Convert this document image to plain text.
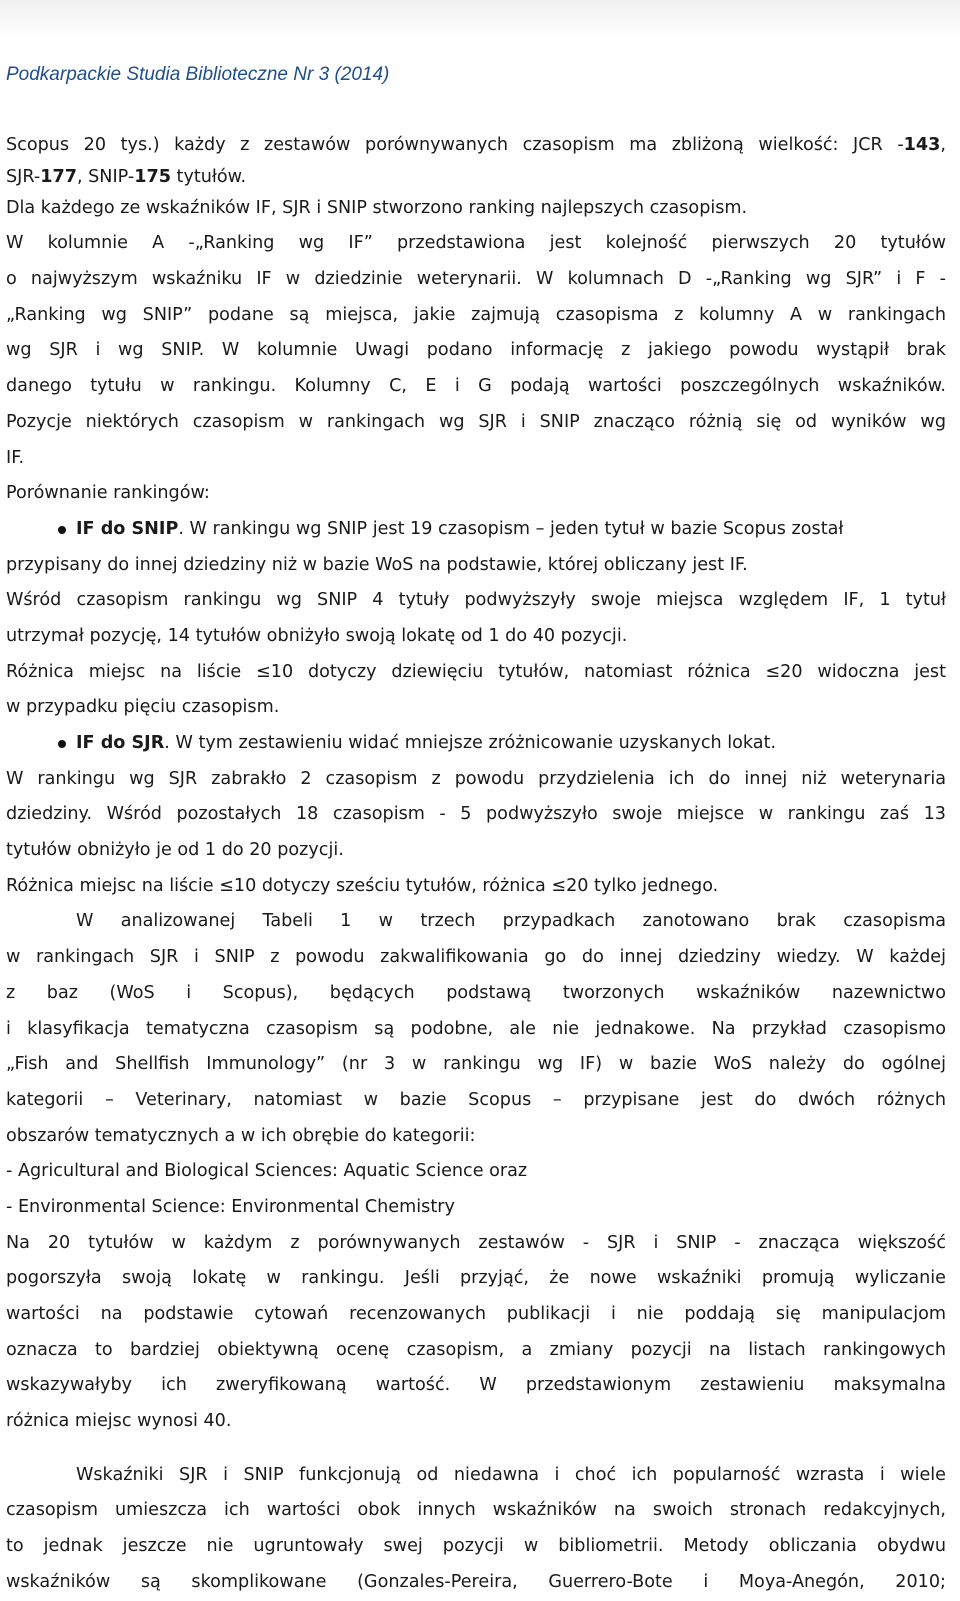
Podkarpackie Studia Biblioteczne Nr 3 (2014)
Scopus 20 tys.) każdy z zestawów porównywanych czasopism ma zbliżoną wielkość: JCR -143,
SJR-177, SNIP-175 tytułów.
Dla każdego ze wskaźników IF, SJR i SNIP stworzono ranking najlepszych czasopism.
W kolumnie A -„Ranking wg IF” przedstawiona jest kolejność pierwszych 20 tytułów
o najwyższym wskaźniku IF w dziedzinie weterynarii. W kolumnach D -„Ranking wg SJR” i F -
„Ranking wg SNIP” podane są miejsca, jakie zajmują czasopisma z kolumny A w rankingach
wg SJR i wg SNIP. W kolumnie Uwagi podano informację z jakiego powodu wystąpił brak
danego tytułu w rankingu. Kolumny C, E i G podają wartości poszczególnych wskaźników.
Pozycje niektórych czasopism w rankingach wg SJR i SNIP znacząco różnią się od wyników wg
IF.
Porównanie rankingów:
IF do SNIP. W rankingu wg SNIP jest 19 czasopism – jeden tytuł w bazie Scopus został
przypisany do innej dziedziny niż w bazie WoS na podstawie, której obliczany jest IF.
Wśród czasopism rankingu wg SNIP 4 tytuły podwyższyły swoje miejsca względem IF, 1 tytuł
utrzymał pozycję, 14 tytułów obniżyło swoją lokatę od 1 do 40 pozycji.
Różnica miejsc na liście ≤10 dotyczy dziewięciu tytułów, natomiast różnica ≤20 widoczna jest
w przypadku pięciu czasopism.
IF do SJR. W tym zestawieniu widać mniejsze zróżnicowanie uzyskanych lokat.
W rankingu wg SJR zabrakło 2 czasopism z powodu przydzielenia ich do innej niż weterynaria
dziedziny. Wśród pozostałych 18 czasopism - 5 podwyższyło swoje miejsce w rankingu zaś 13
tytułów obniżyło je od 1 do 20 pozycji.
Różnica miejsc na liście ≤10 dotyczy sześciu tytułów, różnica ≤20 tylko jednego.
W analizowanej Tabeli 1 w trzech przypadkach zanotowano brak czasopisma
w rankingach SJR i SNIP z powodu zakwalifikowania go do innej dziedziny wiedzy. W każdej
z baz (WoS i Scopus), będących podstawą tworzonych wskaźników nazewnictwo
i klasyfikacja tematyczna czasopism są podobne, ale nie jednakowe. Na przykład czasopismo
„Fish and Shellfish Immunology” (nr 3 w rankingu wg IF) w bazie WoS należy do ogólnej
kategorii – Veterinary, natomiast w bazie Scopus – przypisane jest do dwóch różnych
obszarów tematycznych a w ich obrębie do kategorii:
- Agricultural and Biological Sciences: Aquatic Science oraz
- Environmental Science: Environmental Chemistry
Na 20 tytułów w każdym z porównywanych zestawów - SJR i SNIP - znacząca większość
pogorszyła swoją lokatę w rankingu. Jeśli przyjąć, że nowe wskaźniki promują wyliczanie
wartości na podstawie cytowań recenzowanych publikacji i nie poddają się manipulacjom
oznacza to bardziej obiektywną ocenę czasopism, a zmiany pozycji na listach rankingowych
wskazywałyby ich zweryfikowaną wartość. W przedstawionym zestawieniu maksymalna
różnica miejsc wynosi 40.
Wskaźniki SJR i SNIP funkcjonują od niedawna i choć ich popularność wzrasta i wiele
czasopism umieszcza ich wartości obok innych wskaźników na swoich stronach redakcyjnych,
to jednak jeszcze nie ugruntowały swej pozycji w bibliometrii. Metody obliczania obydwu
wskaźników są skomplikowane (Gonzales-Pereira, Guerrero-Bote i Moya-Anegón, 2010;
